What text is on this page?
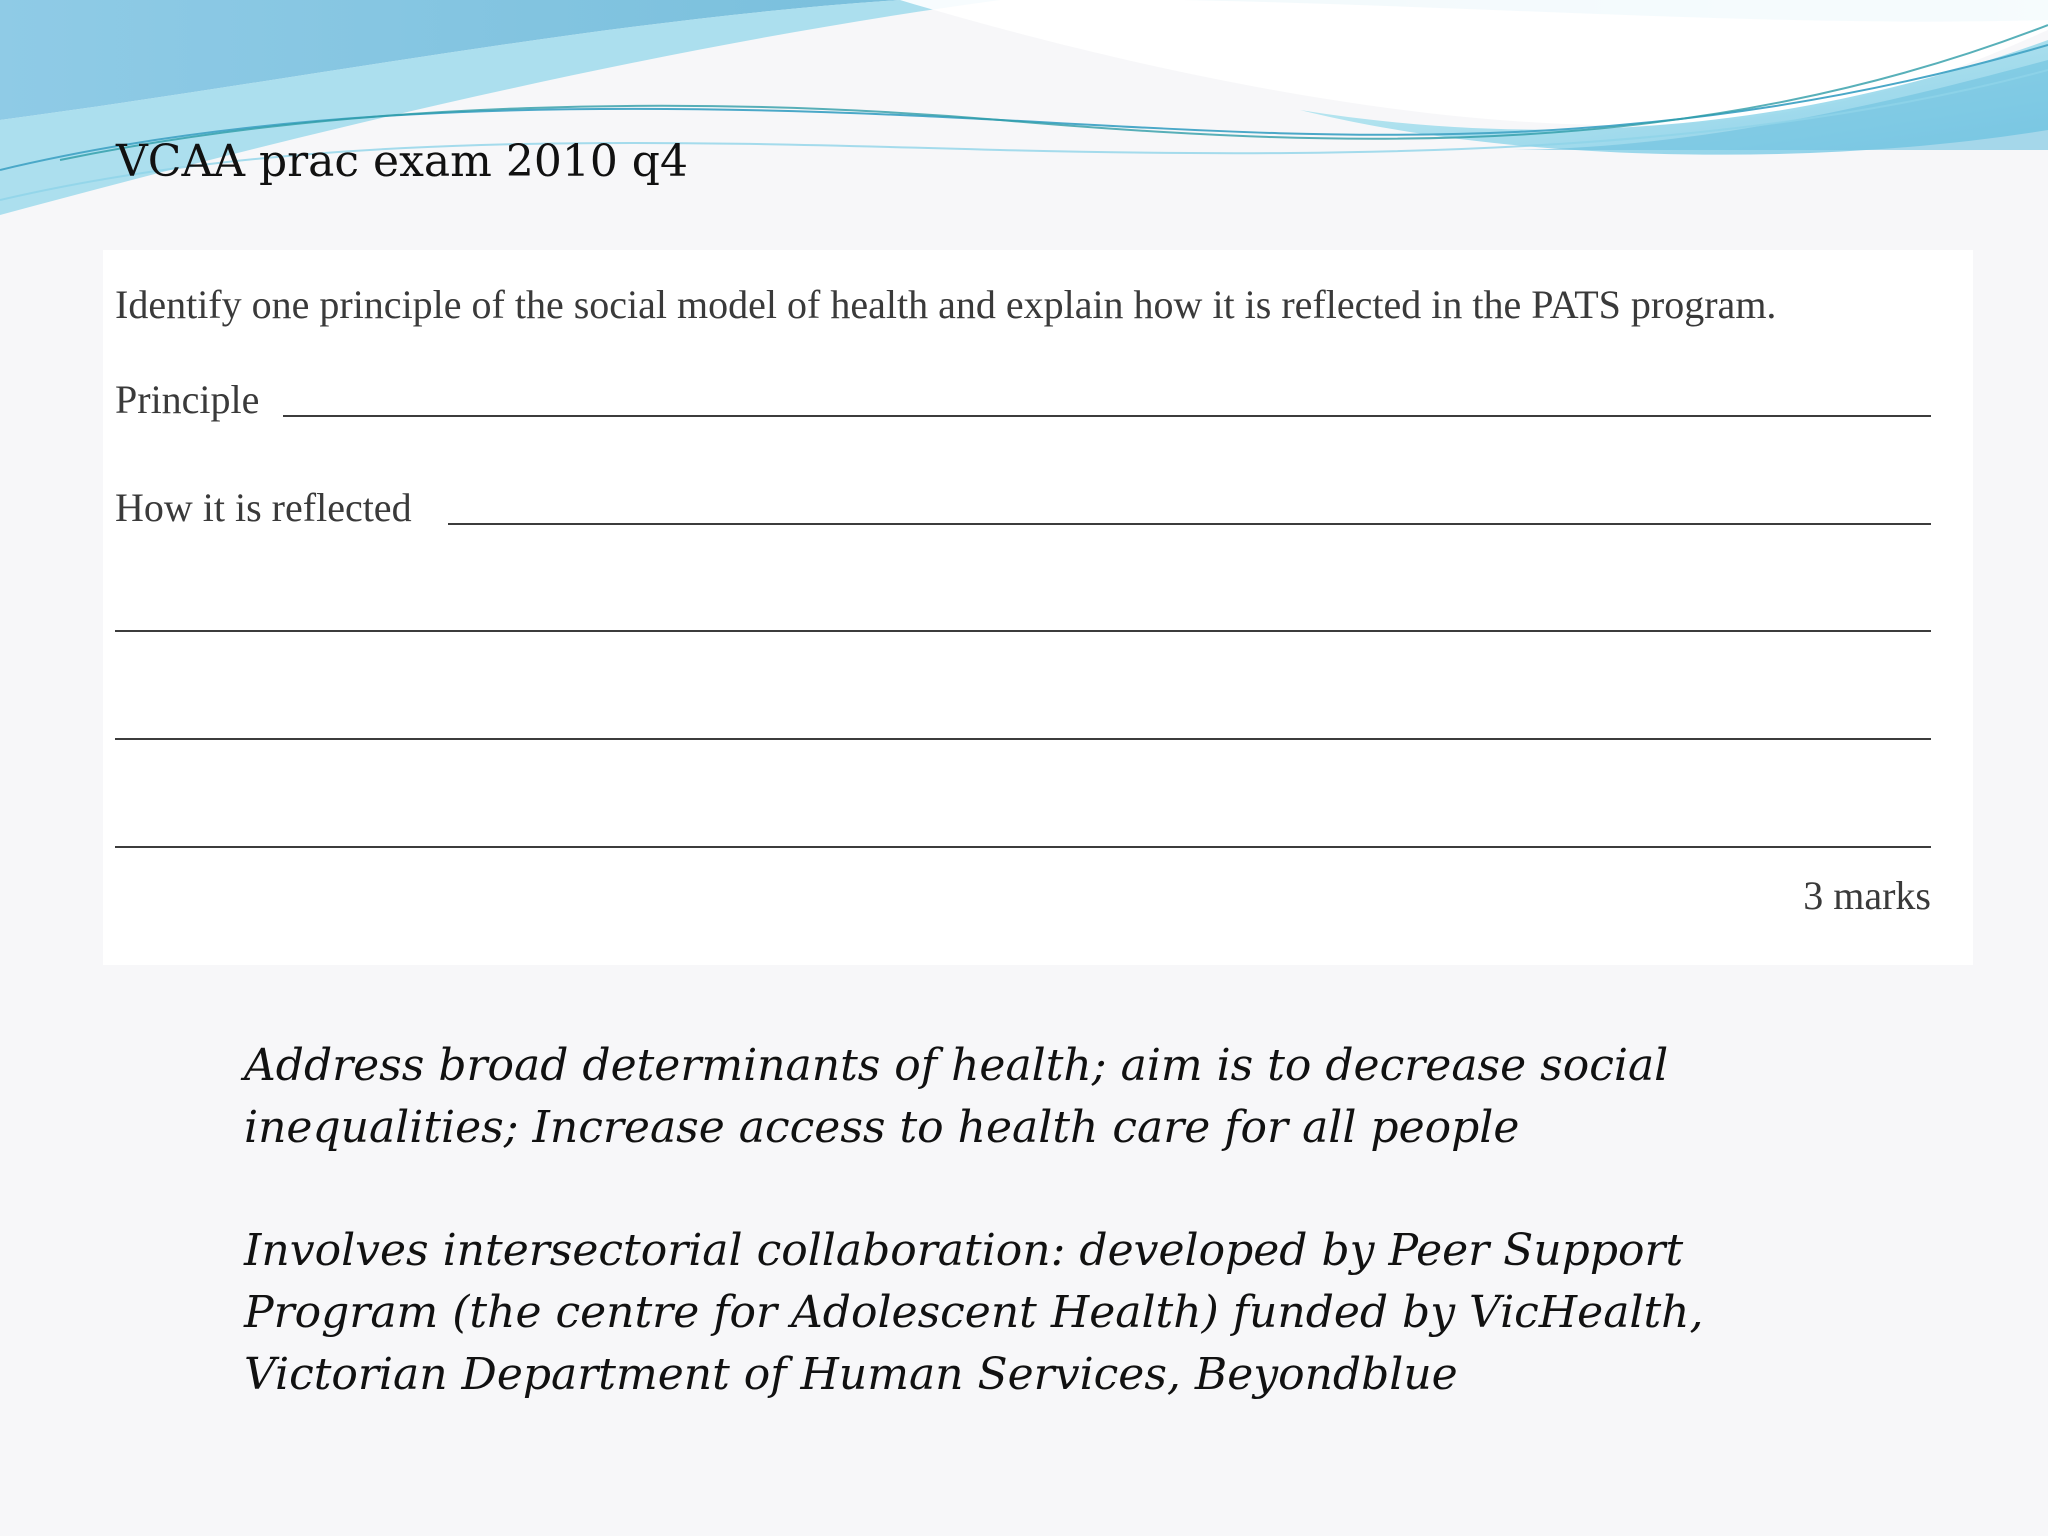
VCAA prac exam 2010 q4
Identify one principle of the social model of health and explain how it is reflected in the PATS program.
Principle
How it is reflected
3 marks

Address broad determinants of health; aim is to decrease social inequalities; Increase access to health care for all people

Involves intersectorial collaboration: developed by Peer Support Program (the centre for Adolescent Health) funded by VicHealth, Victorian Department of Human Services, Beyondblue
